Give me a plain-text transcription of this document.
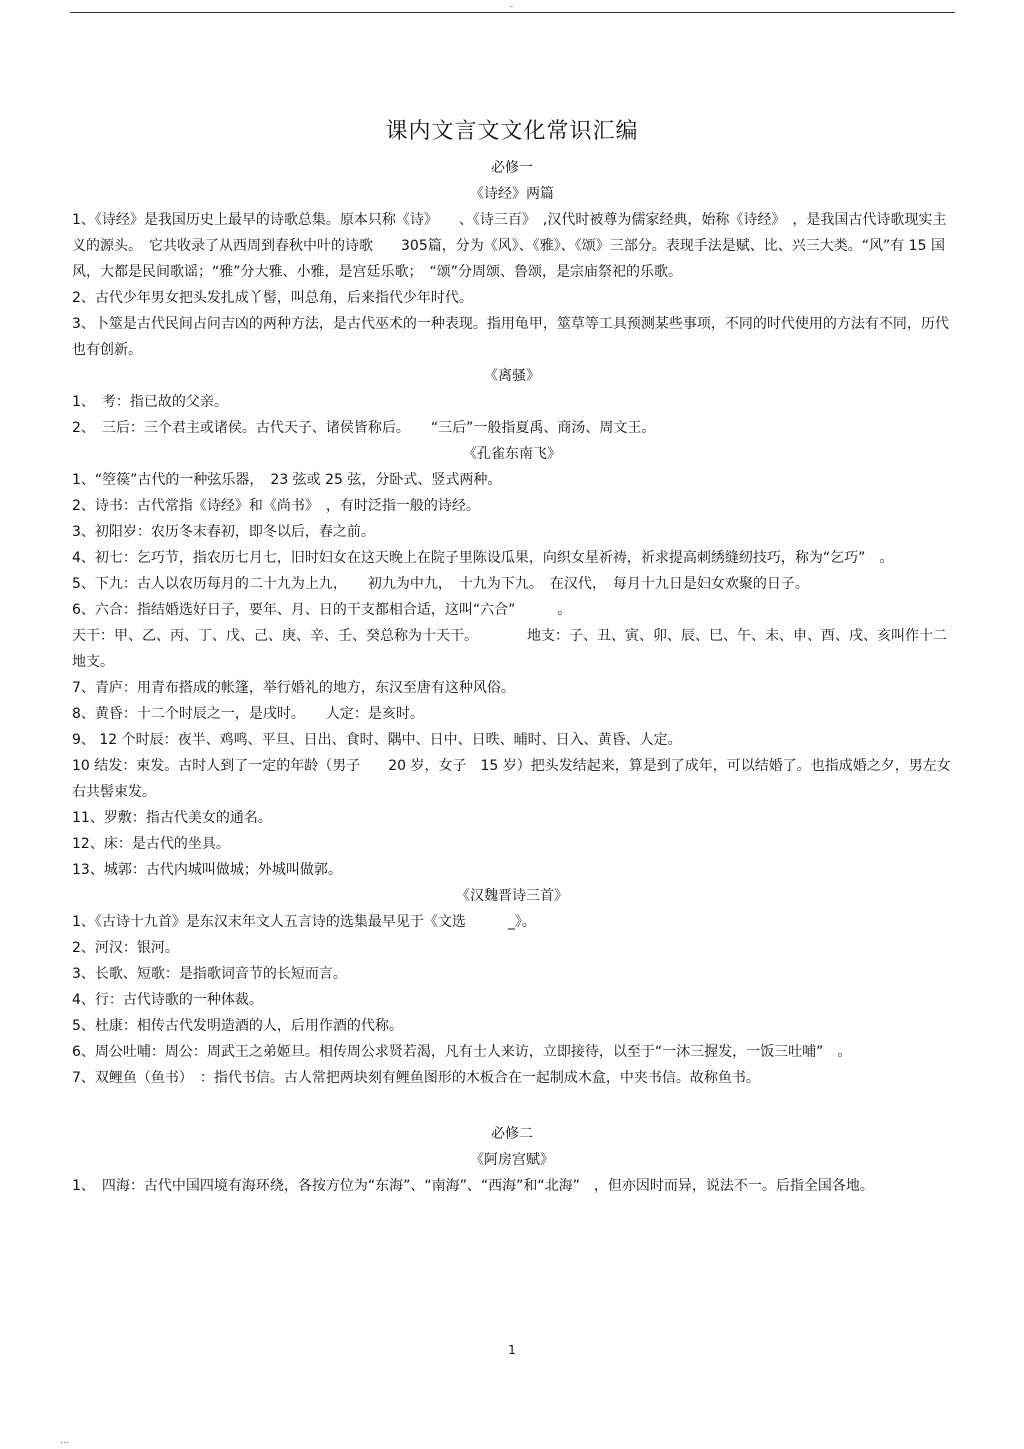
-
课内文言文文化常识汇编
必修一
《诗经》两篇

1、《诗经》是我国历史上最早的诗歌总集。原本只称《诗》　　、《诗三百》　,汉代时被尊为儒家经典，始称《诗经》　，是我国古代诗歌现实主义的源头。　它共收录了从西周到春秋中叶的诗歌　　305篇，分为《风》、《雅》、《颂》三部分。表现手法是赋、比、兴三大类。“风”有 15 国风，大都是民间歌谣；“雅”分大雅、小雅，是宫廷乐歌；　“颂”分周颂、鲁颂，是宗庙祭祀的乐歌。

2、古代少年男女把头发扎成丫髻，叫总角，后来指代少年时代。

3、卜筮是古代民间占问吉凶的两种方法，是古代巫术的一种表现。指用龟甲，筮草等工具预测某些事项，不同的时代使用的方法有不同，历代也有创新。

《离骚》

1、　考：指已故的父亲。

2、　三后：三个君主或诸侯。古代天子、诸侯皆称后。　　“三后”一般指夏禹、商汤、周文王。

《孔雀东南飞》

1、“箜篌”古代的一种弦乐器，　23 弦或 25 弦，分卧式、竖式两种。

2、诗书：古代常指《诗经》和《尚书》　，有时泛指一般的诗经。

3、初阳岁：农历冬末春初，即冬以后，春之前。

4、初七：乞巧节，指农历七月七，旧时妇女在这天晚上在院子里陈设瓜果，向织女星祈祷，祈求提高刺绣缝纫技巧，称为“乞巧”　。

5、下九：古人以农历每月的二十九为上九，　　初九为中九，　十九为下九。　在汉代，　每月十九日是妇女欢聚的日子。

6、六合：指结婚选好日子，要年、月、日的干支都相合适，这叫“六合”　　　。

天干：甲、乙、丙、丁、戊、己、庚、辛、壬、癸总称为十天干。　　　　地支：子、丑、寅、卯、辰、巳、午、未、申、酉、戌、亥叫作十二地支。

7、青庐：用青布搭成的帐篷，举行婚礼的地方，东汉至唐有这种风俗。

8、黄昏：十二个时辰之一，是戌时。　　人定：是亥时。

9、 12 个时辰：夜半、鸡鸣、平旦、日出、食时、隅中、日中、日昳、晡时、日入、黄昏、人定。

10 结发：束发。古时人到了一定的年龄（男子　　20 岁，女子　15 岁）把头发结起来，算是到了成年，可以结婚了。也指成婚之夕，男左女右共髻束发。

11、罗敷：指古代美女的通名。

12、床：是古代的坐具。

13、城郭：古代内城叫做城；外城叫做郭。

《汉魏晋诗三首》

1、《古诗十九首》是东汉末年文人五言诗的选集最早见于《文选　　　_》。

2、河汉：银河。

3、长歌、短歌：是指歌词音节的长短而言。

4、行：古代诗歌的一种体裁。

5、杜康：相传古代发明造酒的人，后用作酒的代称。

6、周公吐哺：周公：周武王之弟姬旦。相传周公求贤若渴，凡有士人来访，立即接待，以至于“一沐三握发，一饭三吐哺”　。

7、双鲤鱼（鱼书）　：指代书信。古人常把两块刻有鲤鱼图形的木板合在一起制成木盒，中夹书信。故称鱼书。

必修二
《阿房宫赋》

1、　四海：古代中国四境有海环绕，各按方位为“东海”、“南海”、“西海”和“北海”　，但亦因时而异，说法不一。后指全国各地。

1
...
